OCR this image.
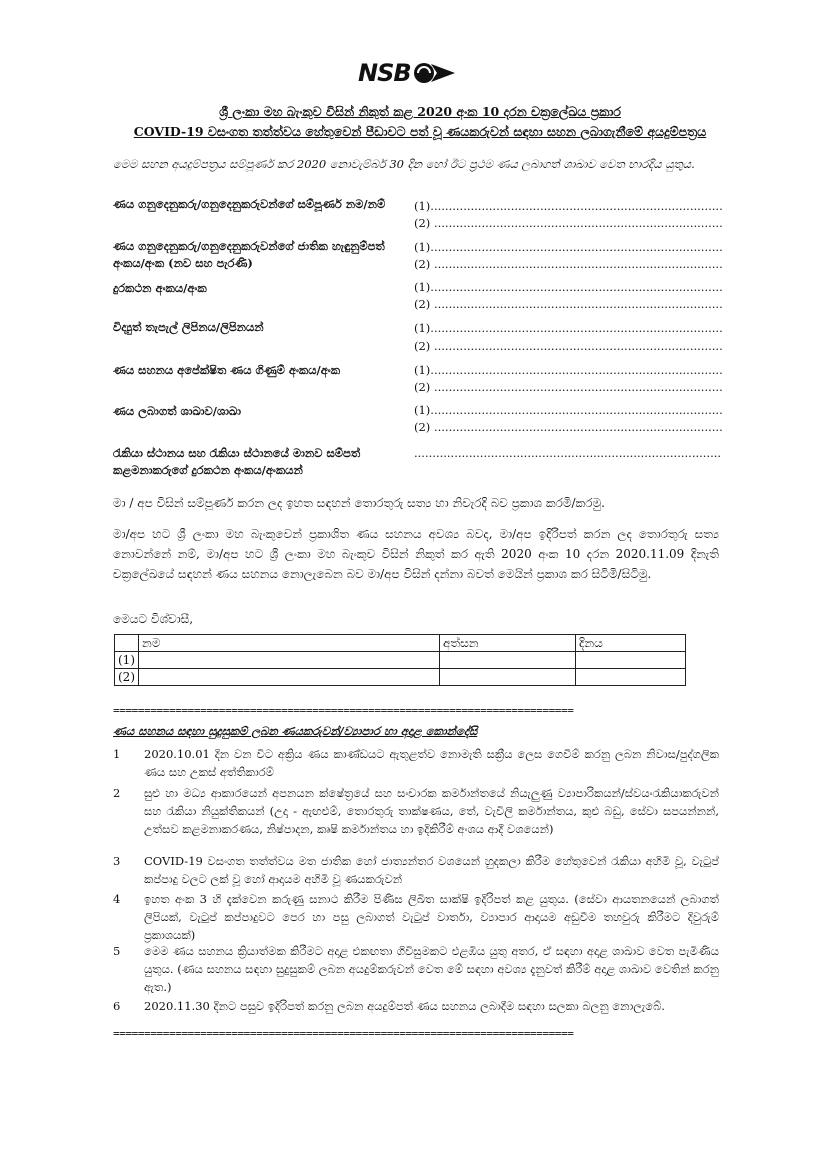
NSB
ශ්‍රී ලංකා මහ බැංකුව විසින් නිකුත් කළ 2020 අංක 10 දරන චක්‍රලේඛය ප්‍රකාර
COVID-19 වසංගත තත්ත්වය හේතුවෙන් පීඩාවට පත් වූ ණයකරුවන් සඳහා සහන ලබාගැනීමේ අයදුම්පත්‍රය
මෙම සහන අයදුම්පත්‍රය සම්පූර්ණ කර 2020 නොවැම්බර් 30 දින හෝ ඊට ප්‍රථම ණය ලබාගත් ශාඛාව වෙත භාරදිය යුතුය.
ණය ගනුදෙනුකරු/ගනුදෙනුකරුවන්ගේ සම්පූර්ණ නම/නම්	(1)................................................................................
(2) ...............................................................................
ණය ගනුදෙනුකරු/ගනුදෙනුකරුවන්ගේ ජාතික හැඳුනුම්පත් අංකය/අංක (නව සහ පැරණි)
(1)................................................................................
(2) ...............................................................................
දුරකථන අංකය/අංක	(1)................................................................................
(2) ...............................................................................
විද්‍යුත් තැපැල් ලිපිනය/ලිපිනයන්	(1)................................................................................
(2) ...............................................................................
ණය සහනය අපේක්ෂිත ණය ගිණුම් අංකය/අංක	(1)................................................................................
(2) ...............................................................................
ණය ලබාගත් ශාඛාව/ශාඛා	(1)................................................................................
(2) ...............................................................................
රැකියා ස්ථානය සහ රැකියා ස්ථානයේ මානව සම්පත් කළමනාකරුගේ දුරකථන අංකය/අංකයන්
....................................................................................
මා / අප විසින් සම්පූර්ණ කරන ලද ඉහත සඳහන් තොරතුරු සත්‍ය හා නිවැරදි බව ප්‍රකාශ කරමි/කරමු.
මා/අප හට ශ්‍රී ලංකා මහ බැංකුවෙන් ප්‍රකාශිත ණය සහනය අවශ්‍ය බවද, මා/අප ඉදිරිපත් කරන ලද තොරතුරු සත්‍ය නොවන්නේ නම්, මා/අප හට ශ්‍රී ලංකා මහ බැංකුව විසින් නිකුත් කර ඇති 2020 අංක 10 දරන 2020.11.09 දිනැති චක්‍රලේඛයේ සඳහන් ණය සහනය නොලැබෙන බව මා/අප විසින් දන්නා බවත් මෙයින් ප්‍රකාශ කර සිටිමි/සිටිමු.
මෙයට විශ්වාසී,
	නම	අත්සන	දිනය
(1)			
(2)			
==========================================================================
ණය සහනය සඳහා සුදුසුකම් ලබන ණයකරුවන්/ව්‍යාපාර හා අදාළ කොන්දේසි
1	2020.10.01 දින වන විට අක්‍රිය ණය කාණ්ඩයට ඇතුළත්ව නොමැති සක්‍රීය ලෙස ගෙවීම් කරනු ලබන නිවාස/පුද්ගලික ණය සහ උකස් අත්තිකාරම්
2	සුළු හා මධ්‍ය ආකාරයෙන් අපනයන ක්ෂේත්‍රයේ සහ සංචාරක කර්මාන්තයේ නියැලුණු ව්‍යාපාරිකයන්/ස්වයංරැකියාකරුවන් සහ රැකියා නියුක්තිකයන් (උදා - ඇඟළුම්, තොරතුරු තාක්ෂණය, තේ, වැවිලි කර්මාන්තය, කුළු බඩු, සේවා සපයන්නන්, උත්සව කළමනාකරණය, නිෂ්පාදන, කෘෂි කර්මාන්තය හා ඉදිකිරීම් අංශය ආදී වශයෙන්)
3	COVID-19 වසංගත තත්ත්වය මත ජාතික හෝ ජාත්‍යන්තර වශයෙන් හුදකලා කිරීම හේතුවෙන් රැකියා අහිමි වූ, වැටුප් කප්පාදු වලට ලක් වූ හෝ ආදායම අහිමි වූ ණයකරුවන්
4	ඉහත අංක 3 හි දැක්වෙන කරුණු සනාථ කිරීම පිණිස ලිඛිත සාක්ෂි ඉදිරිපත් කළ යුතුය. (සේවා ආයතනයෙන් ලබාගත් ලිපියක්, වැටුප් කප්පාදුවට පෙර හා පසු ලබාගත් වැටුප් වාර්තා, ව්‍යාපාර ආදායම අඩුවීම තහවුරු කිරීමට දිවුරුම් ප්‍රකාශයක්)
5	මෙම ණය සහනය ක්‍රියාත්මක කිරීමට අදාළ එකඟතා ගිවිසුමකට එළඹිය යුතු අතර, ඒ සඳහා අදාළ ශාඛාව වෙත පැමිණිය යුතුය. (ණය සහනය සඳහා සුදුසුකම් ලබන අයදුම්කරුවන් වෙත මේ සඳහා අවශ්‍ය දැනුවත් කිරීම් අදාළ ශාඛාව වෙතින් කරනු ඇත.)
6	2020.11.30 දිනට පසුව ඉදිරිපත් කරනු ලබන අයදුම්පත් ණය සහනය ලබාදීම සඳහා සලකා බලනු නොලැබේ.
==========================================================================
